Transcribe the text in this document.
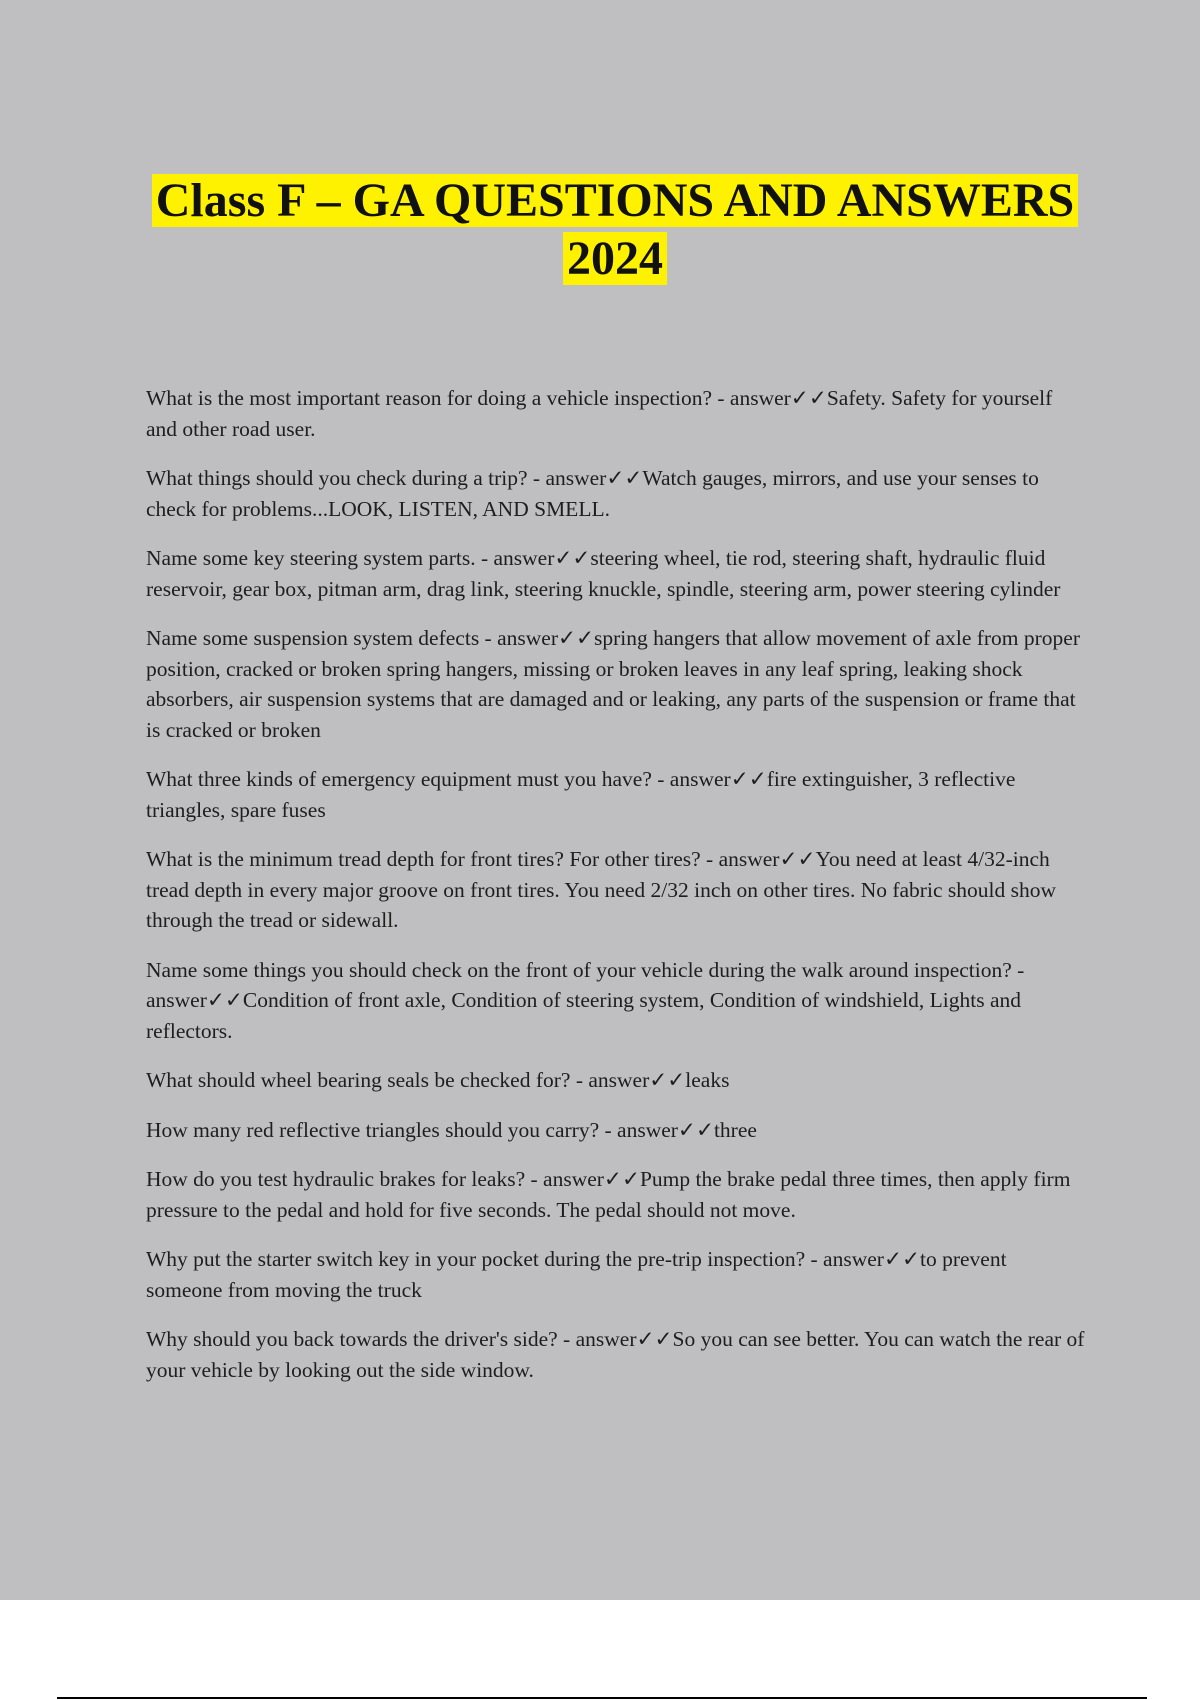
Class F – GA QUESTIONS AND ANSWERS
2024

What is the most important reason for doing a vehicle inspection? - answer✓✓Safety. Safety for yourself and other road user.

What things should you check during a trip? - answer✓✓Watch gauges, mirrors, and use your senses to check for problems...LOOK, LISTEN, AND SMELL.

Name some key steering system parts. - answer✓✓steering wheel, tie rod, steering shaft, hydraulic fluid reservoir, gear box, pitman arm, drag link, steering knuckle, spindle, steering arm, power steering cylinder

Name some suspension system defects - answer✓✓spring hangers that allow movement of axle from proper position, cracked or broken spring hangers, missing or broken leaves in any leaf spring, leaking shock absorbers, air suspension systems that are damaged and or leaking, any parts of the suspension or frame that is cracked or broken

What three kinds of emergency equipment must you have? - answer✓✓fire extinguisher, 3 reflective triangles, spare fuses

What is the minimum tread depth for front tires? For other tires? - answer✓✓You need at least 4/32-inch tread depth in every major groove on front tires. You need 2/32 inch on other tires. No fabric should show through the tread or sidewall.

Name some things you should check on the front of your vehicle during the walk around inspection? - answer✓✓Condition of front axle, Condition of steering system, Condition of windshield, Lights and reflectors.

What should wheel bearing seals be checked for? - answer✓✓leaks

How many red reflective triangles should you carry? - answer✓✓three

How do you test hydraulic brakes for leaks? - answer✓✓Pump the brake pedal three times, then apply firm pressure to the pedal and hold for five seconds. The pedal should not move.

Why put the starter switch key in your pocket during the pre-trip inspection? - answer✓✓to prevent someone from moving the truck

Why should you back towards the driver's side? - answer✓✓So you can see better. You can watch the rear of your vehicle by looking out the side window.
